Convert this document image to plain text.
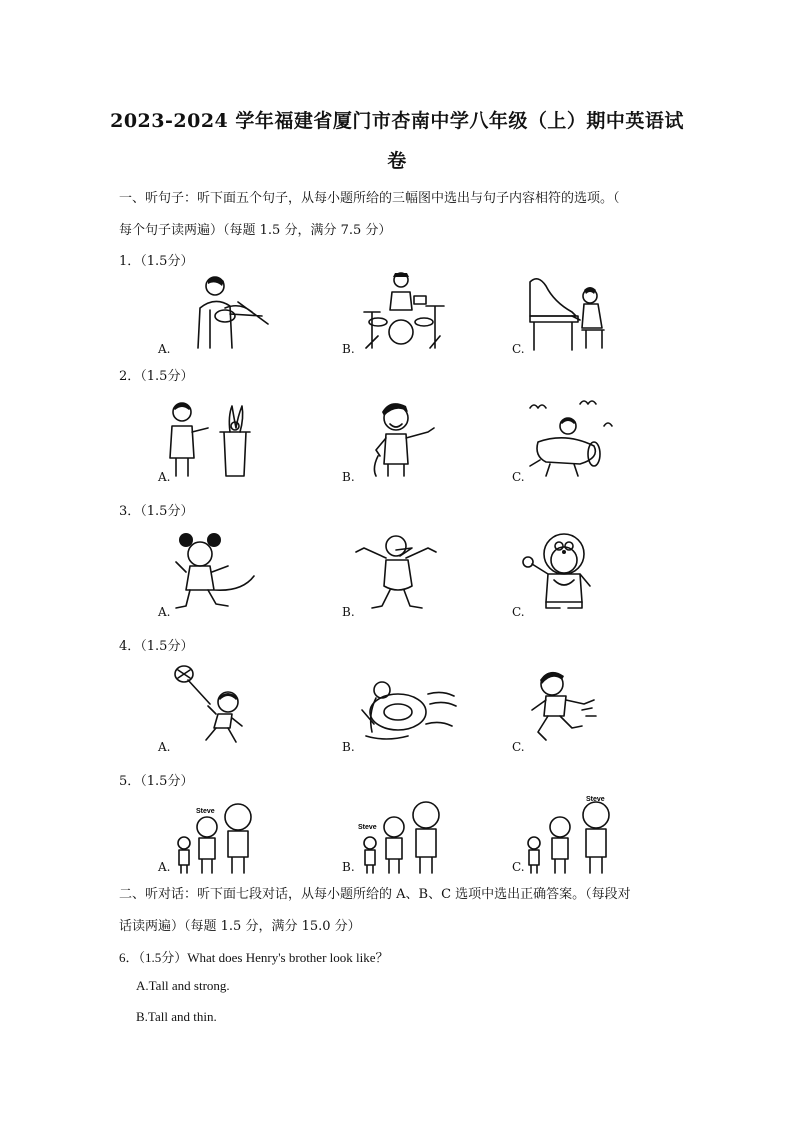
2023-2024 学年福建省厦门市杏南中学八年级（上）期中英语试
卷
一、听句子：听下面五个句子，从每小题所给的三幅图中选出与句子内容相符的选项。（
每个句子读两遍）（每题 1.5 分，满分 7.5 分）
1．（1.5分）
A.	B.	C.
2．（1.5分）
A.	B.	C.
3．（1.5分）
A.	B.	C.
4．（1.5分）
A.	B.	C.
5．（1.5分）
A.	B.	C.
Steve
Steve
Steve
二、听对话：听下面七段对话，从每小题所给的 A、B、C 选项中选出正确答案。（每段对
话读两遍）（每题 1.5 分，满分 15.0 分）
6．（1.5分）What does Henry's brother look like？
A.Tall and strong.
B.Tall and thin.
